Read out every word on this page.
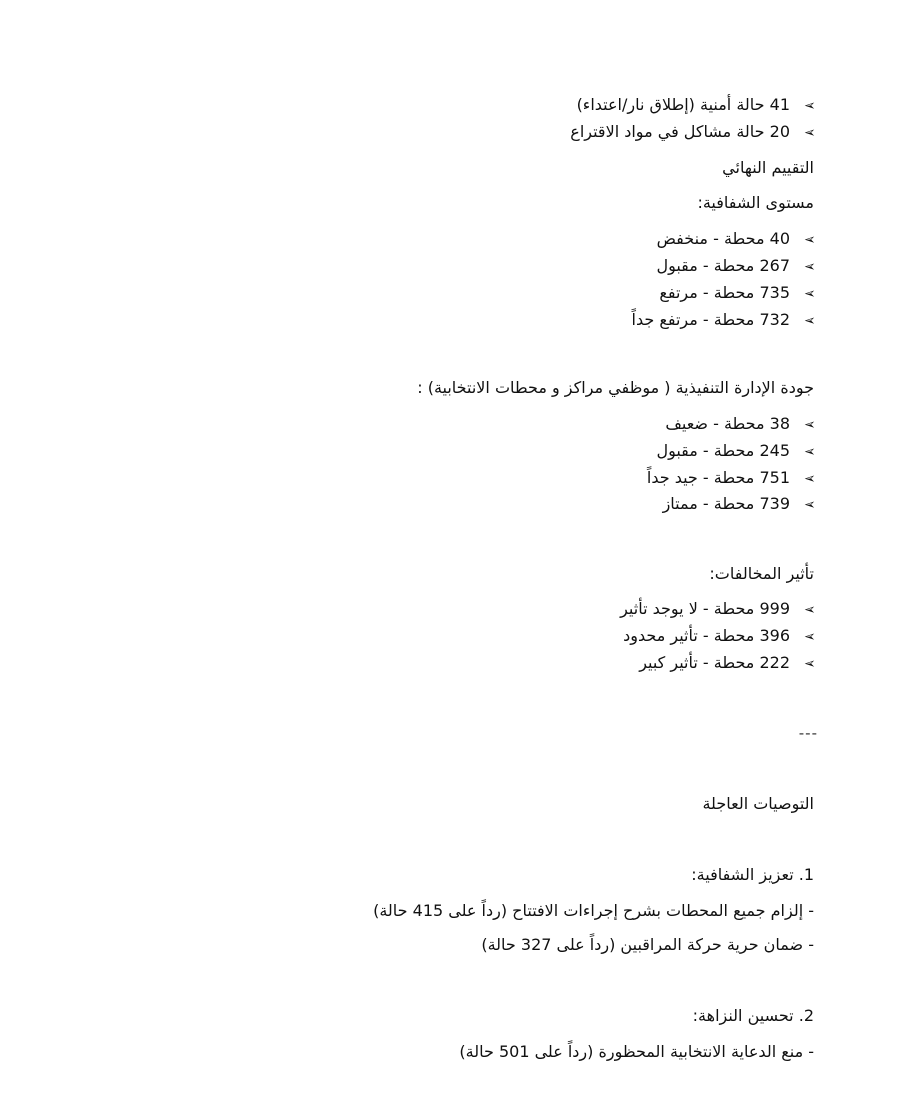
➢41 حالة أمنية (إطلاق نار/اعتداء)
➢20 حالة مشاكل في مواد الاقتراع
التقييم النهائي
مستوى الشفافية:
➢40 محطة - منخفض
➢267 محطة - مقبول
➢735 محطة - مرتفع
➢732 محطة - مرتفع جداً
جودة الإدارة التنفيذية ( موظفي مراكز و محطات الانتخابية) :
➢38 محطة - ضعيف
➢245 محطة - مقبول
➢751 محطة - جيد جداً
➢739 محطة - ممتاز
تأثير المخالفات:
➢999 محطة - لا يوجد تأثير
➢396 محطة - تأثير محدود
➢222 محطة - تأثير كبير
---
التوصيات العاجلة
1. تعزيز الشفافية:
- إلزام جميع المحطات بشرح إجراءات الافتتاح (رداً على 415 حالة)
- ضمان حرية حركة المراقبين (رداً على 327 حالة)
2. تحسين النزاهة:
- منع الدعاية الانتخابية المحظورة (رداً على 501 حالة)
